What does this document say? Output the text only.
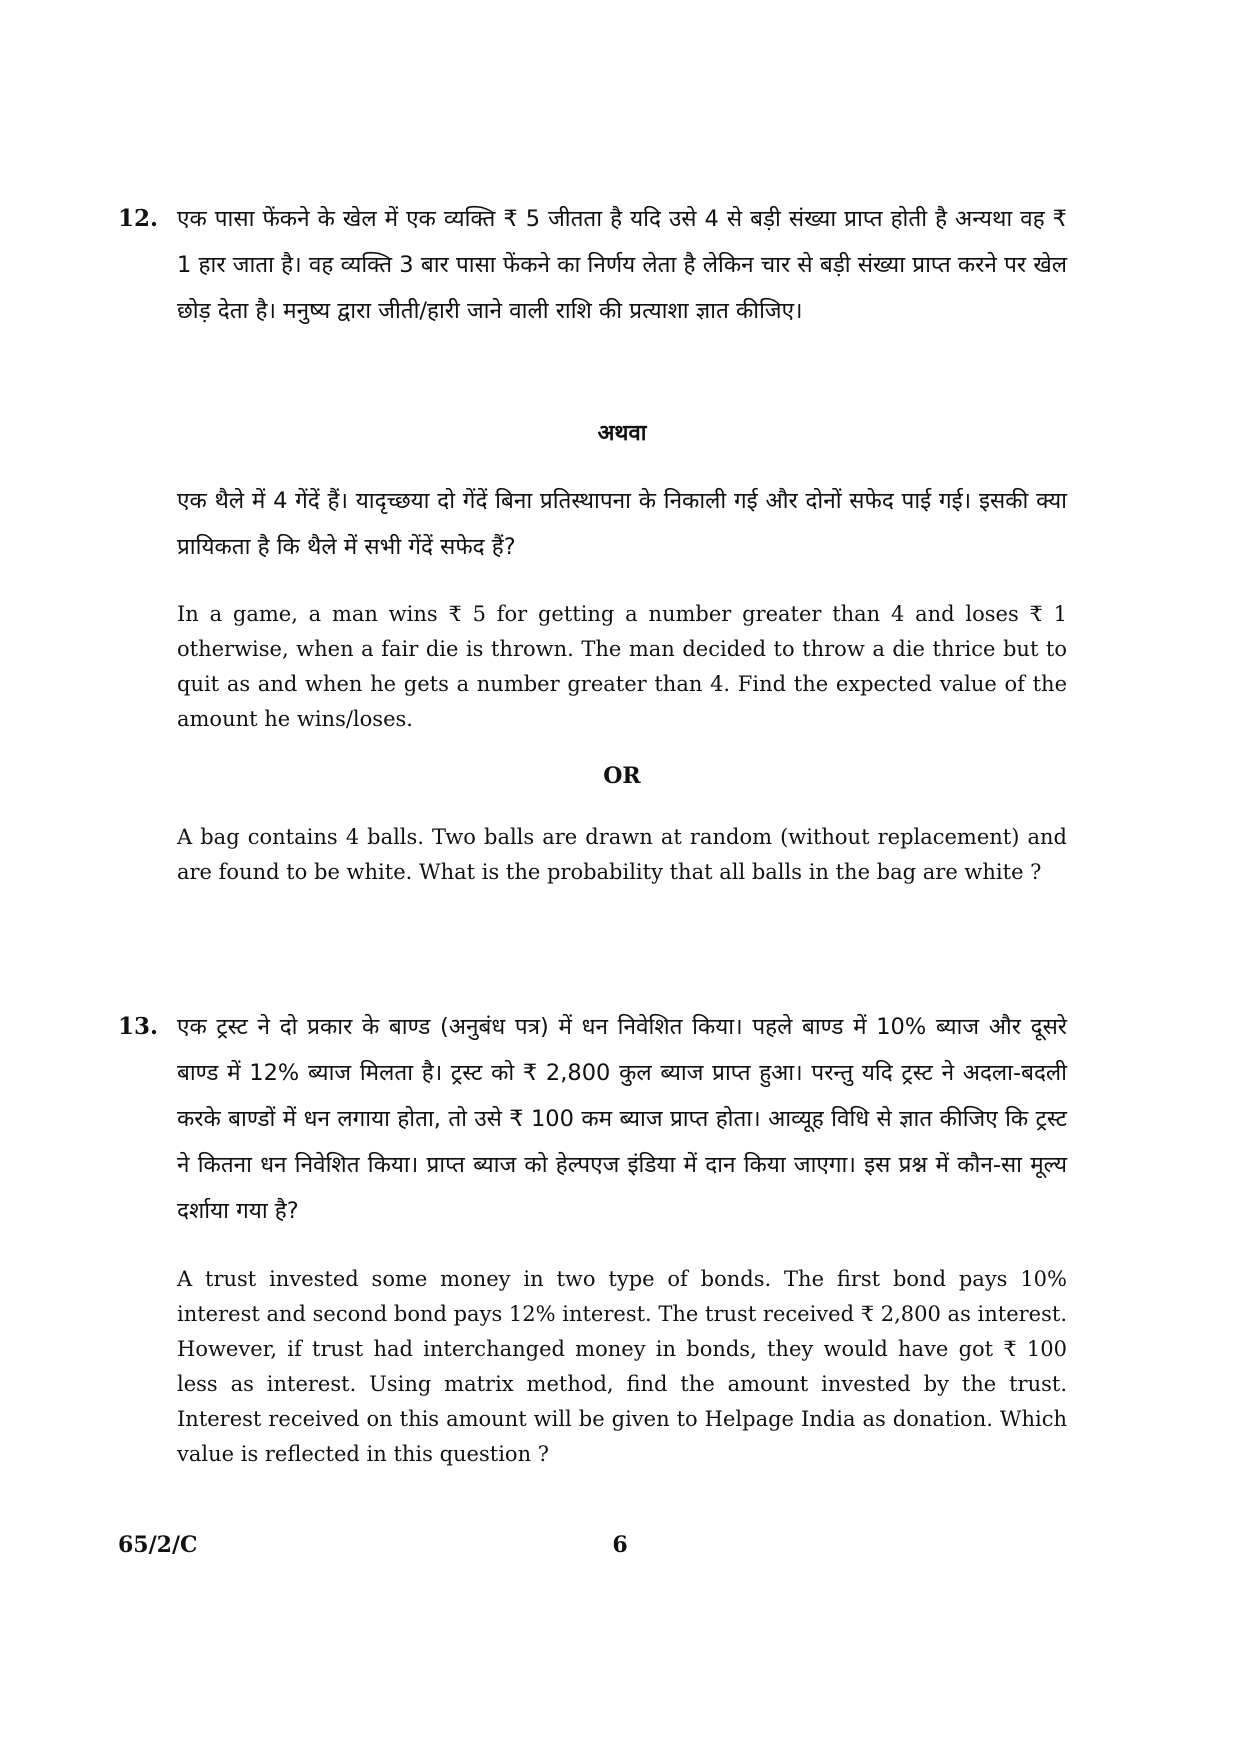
12. एक पासा फेंकने के खेल में एक व्यक्ति ₹ 5 जीतता है यदि उसे 4 से बड़ी संख्या प्राप्त होती है अन्यथा वह ₹ 1 हार जाता है। वह व्यक्ति 3 बार पासा फेंकने का निर्णय लेता है लेकिन चार से बड़ी संख्या प्राप्त करने पर खेल छोड़ देता है। मनुष्य द्वारा जीती/हारी जाने वाली राशि की प्रत्याशा ज्ञात कीजिए।

अथवा

एक थैले में 4 गेंदें हैं। यादृच्छया दो गेंदें बिना प्रतिस्थापना के निकाली गई और दोनों सफेद पाई गई। इसकी क्या प्रायिकता है कि थैले में सभी गेंदें सफेद हैं?

In a game, a man wins ₹ 5 for getting a number greater than 4 and loses ₹ 1 otherwise, when a fair die is thrown. The man decided to throw a die thrice but to quit as and when he gets a number greater than 4. Find the expected value of the amount he wins/loses.

OR

A bag contains 4 balls. Two balls are drawn at random (without replacement) and are found to be white. What is the probability that all balls in the bag are white ?

13. एक ट्रस्ट ने दो प्रकार के बाण्ड (अनुबंध पत्र) में धन निवेशित किया। पहले बाण्ड में 10% ब्याज और दूसरे बाण्ड में 12% ब्याज मिलता है। ट्रस्ट को ₹ 2,800 कुल ब्याज प्राप्त हुआ। परन्तु यदि ट्रस्ट ने अदला-बदली करके बाण्डों में धन लगाया होता, तो उसे ₹ 100 कम ब्याज प्राप्त होता। आव्यूह विधि से ज्ञात कीजिए कि ट्रस्ट ने कितना धन निवेशित किया। प्राप्त ब्याज को हेल्पएज इंडिया में दान किया जाएगा। इस प्रश्न में कौन-सा मूल्य दर्शाया गया है?

A trust invested some money in two type of bonds. The first bond pays 10% interest and second bond pays 12% interest. The trust received ₹ 2,800 as interest. However, if trust had interchanged money in bonds, they would have got ₹ 100 less as interest. Using matrix method, find the amount invested by the trust. Interest received on this amount will be given to Helpage India as donation. Which value is reflected in this question ?

65/2/C	6
